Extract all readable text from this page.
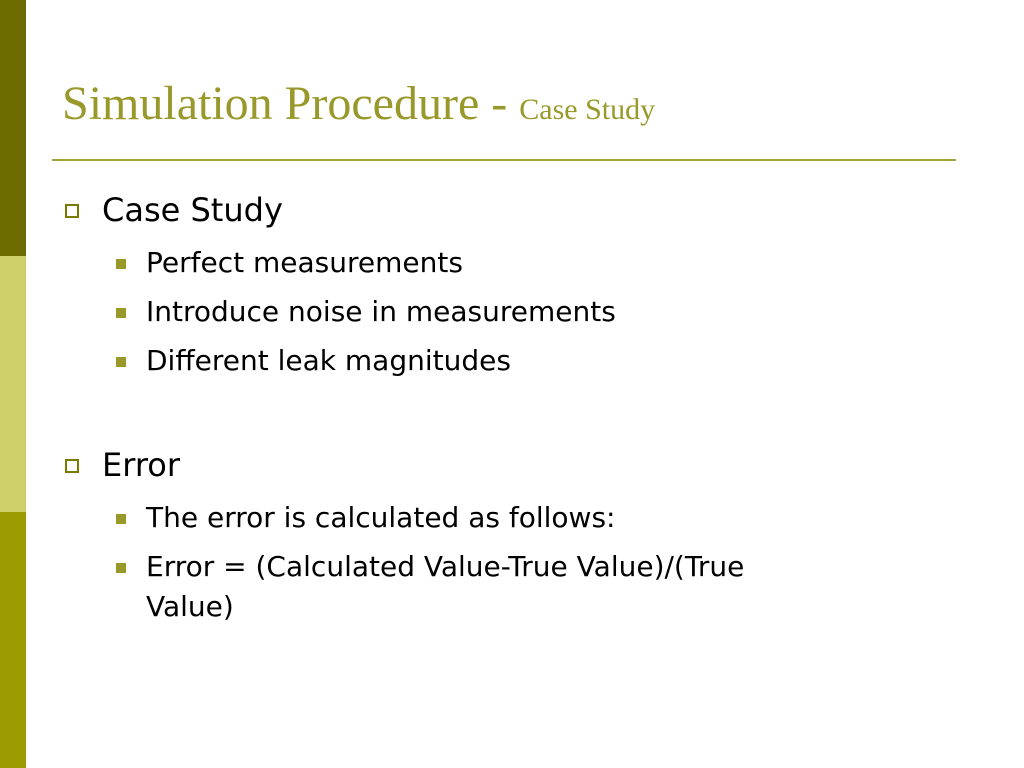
Simulation Procedure - Case Study
Case Study
Perfect measurements
Introduce noise in measurements
Different leak magnitudes
Error
The error is calculated as follows:
Error = (Calculated Value-True Value)/(True
Value)
